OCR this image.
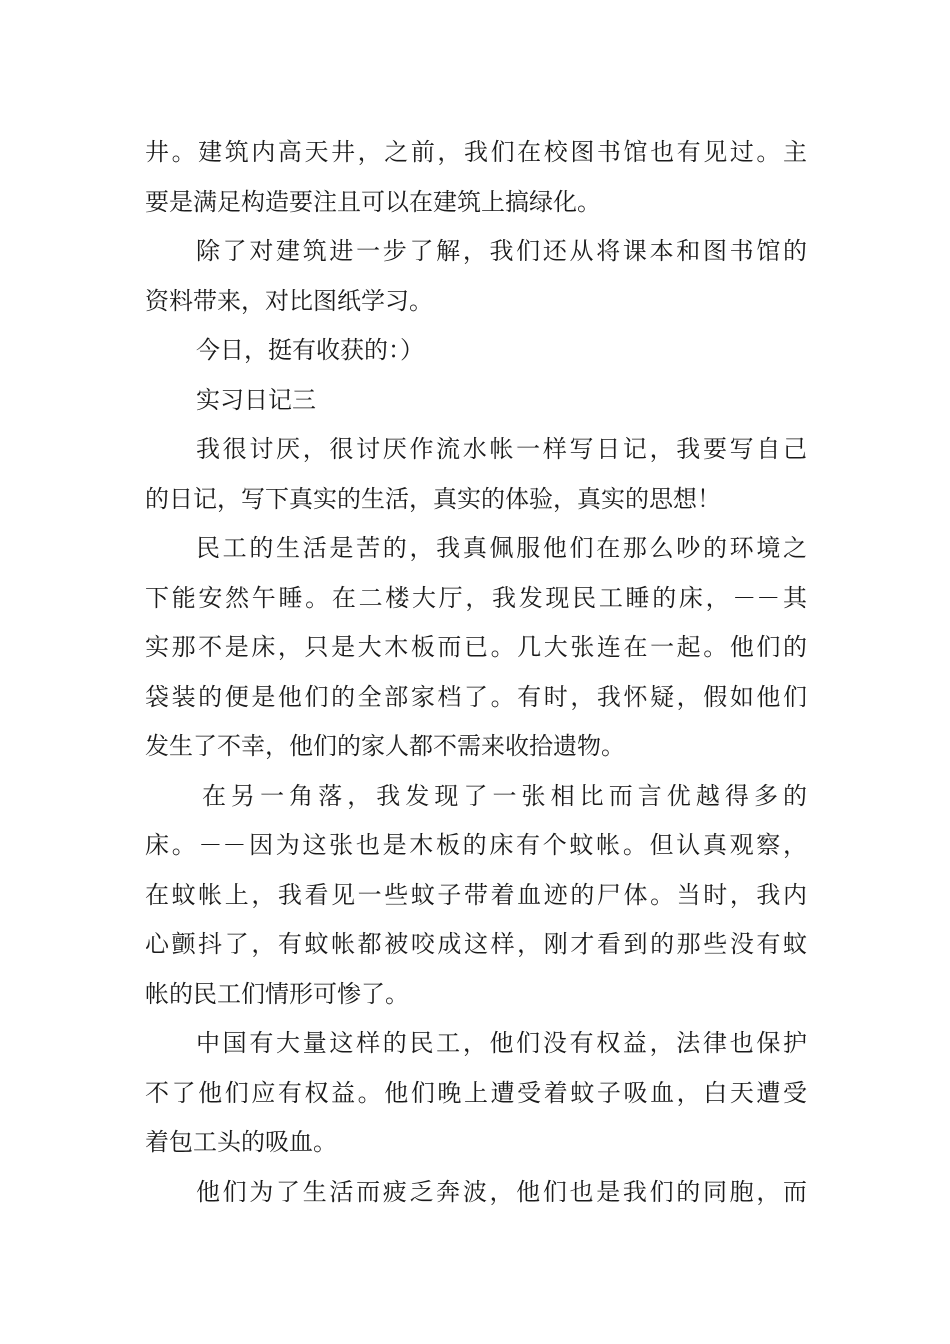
井。建筑内高天井，之前，我们在校图书馆也有见过。主
要是满足构造要注且可以在建筑上搞绿化。
除了对建筑进一步了解，我们还从将课本和图书馆的
资料带来，对比图纸学习。
今日，挺有收获的：）
实习日记三
我很讨厌，很讨厌作流水帐一样写日记，我要写自己
的日记，写下真实的生活，真实的体验，真实的思想！
民工的生活是苦的，我真佩服他们在那么吵的环境之
下能安然午睡。在二楼大厅，我发现民工睡的床，－－其
实那不是床，只是大木板而已。几大张连在一起。他们的
袋装的便是他们的全部家档了。有时，我怀疑，假如他们
发生了不幸，他们的家人都不需来收拾遗物。
在另一角落，我发现了一张相比而言优越得多的
床。－－因为这张也是木板的床有个蚊帐。但认真观察，
在蚊帐上，我看见一些蚊子带着血迹的尸体。当时，我内
心颤抖了，有蚊帐都被咬成这样，刚才看到的那些没有蚊
帐的民工们情形可惨了。
中国有大量这样的民工，他们没有权益，法律也保护
不了他们应有权益。他们晚上遭受着蚊子吸血，白天遭受
着包工头的吸血。
他们为了生活而疲乏奔波，他们也是我们的同胞，而
